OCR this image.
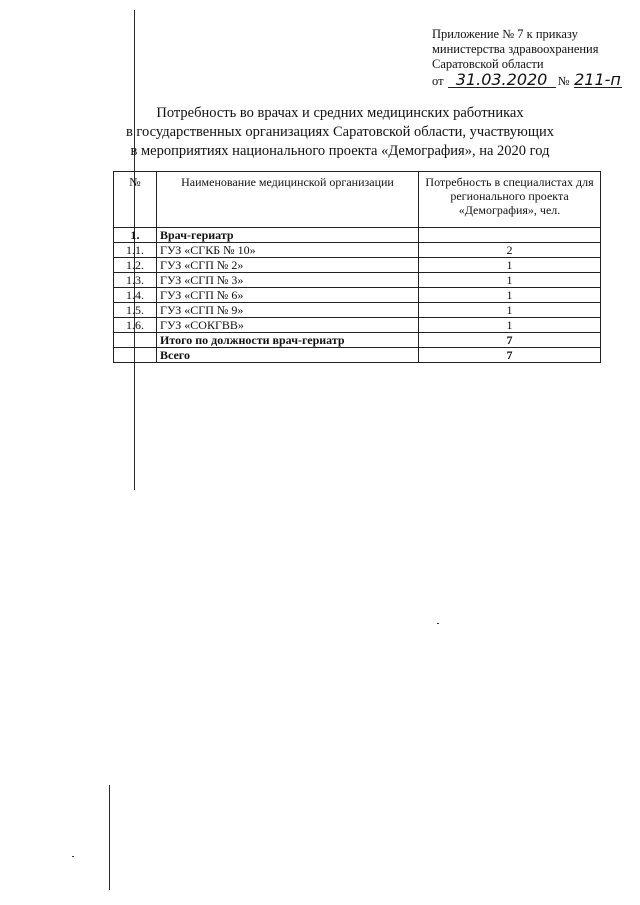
Приложение № 7 к приказу
министерства здравоохранения
Саратовской области
от 31.03.2020 № 211-п
Потребность во врачах и средних медицинских работниках
в государственных организациях Саратовской области, участвующих
в мероприятиях национального проекта «Демография», на 2020 год
№	Наименование медицинской организации	Потребность в специалистах для регионального проекта «Демография», чел.
1.	Врач-гериатр	
1.1.	ГУЗ «СГКБ № 10»	2
1.2.	ГУЗ «СГП № 2»	1
1.3.	ГУЗ «СГП № 3»	1
1.4.	ГУЗ «СГП № 6»	1
1.5.	ГУЗ «СГП № 9»	1
1.6.	ГУЗ «СОКГВВ»	1
	Итого по должности врач-гериатр	7
	Всего	7
